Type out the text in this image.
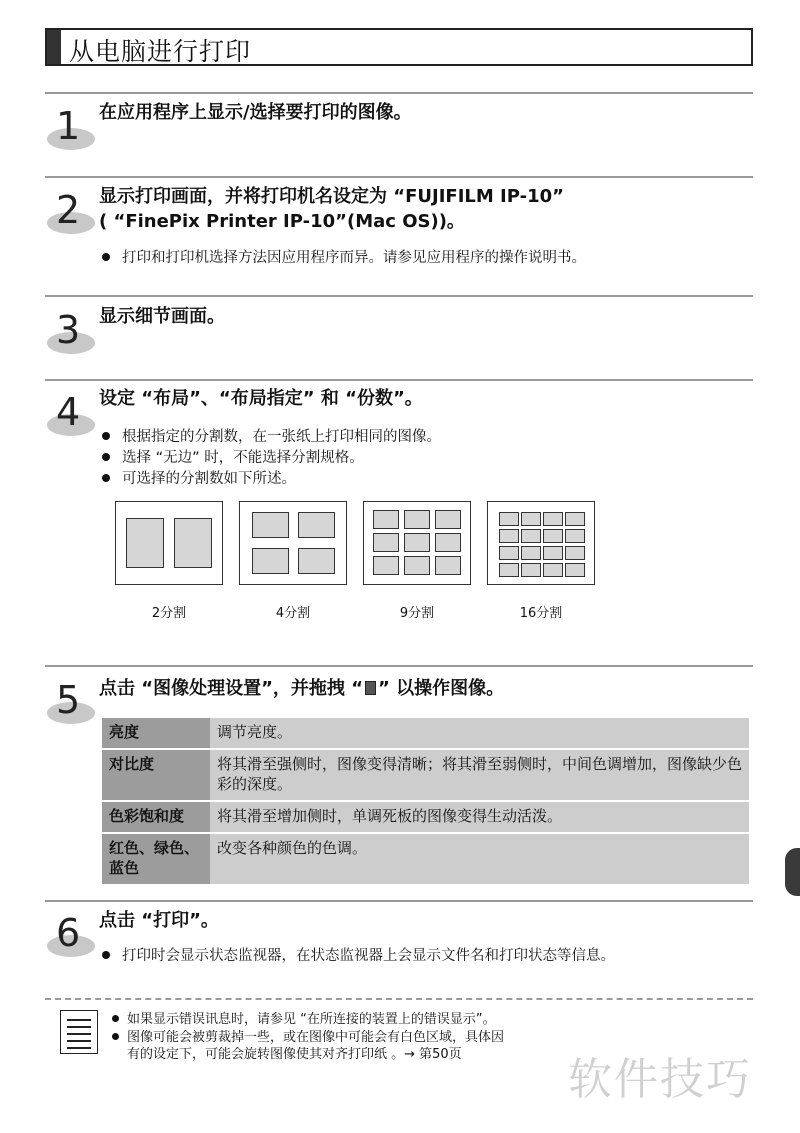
从电脑进行打印
1 在应用程序上显示/选择要打印的图像。
2 显示打印画面，并将打印机名设定为 “FUJIFILM IP-10”
( “FinePix Printer IP-10”(Mac OS))。
打印和打印机选择方法因应用程序而异。请参见应用程序的操作说明书。
3 显示细节画面。
4 设定 “布局”、“布局指定” 和 “份数”。
根据指定的分割数，在一张纸上打印相同的图像。
选择 “无边” 时，不能选择分割规格。
可选择的分割数如下所述。
2分割	4分割	9分割	16分割
5 点击 “图像处理设置”，并拖拽 “ ” 以操作图像。
亮度	调节亮度。
对比度	将其滑至强侧时，图像变得清晰；将其滑至弱侧时，中间色调增加，图像缺少色彩的深度。
色彩饱和度	将其滑至增加侧时，单调死板的图像变得生动活泼。
红色、绿色、蓝色	改变各种颜色的色调。
6 点击 “打印”。
打印时会显示状态监视器，在状态监视器上会显示文件名和打印状态等信息。
如果显示错误讯息时，请参见 “在所连接的装置上的错误显示”。
图像可能会被剪裁掉一些，或在图像中可能会有白色区域，具体因
有的设定下，可能会旋转图像使其对齐打印纸 。→ 第50页 软件技巧
